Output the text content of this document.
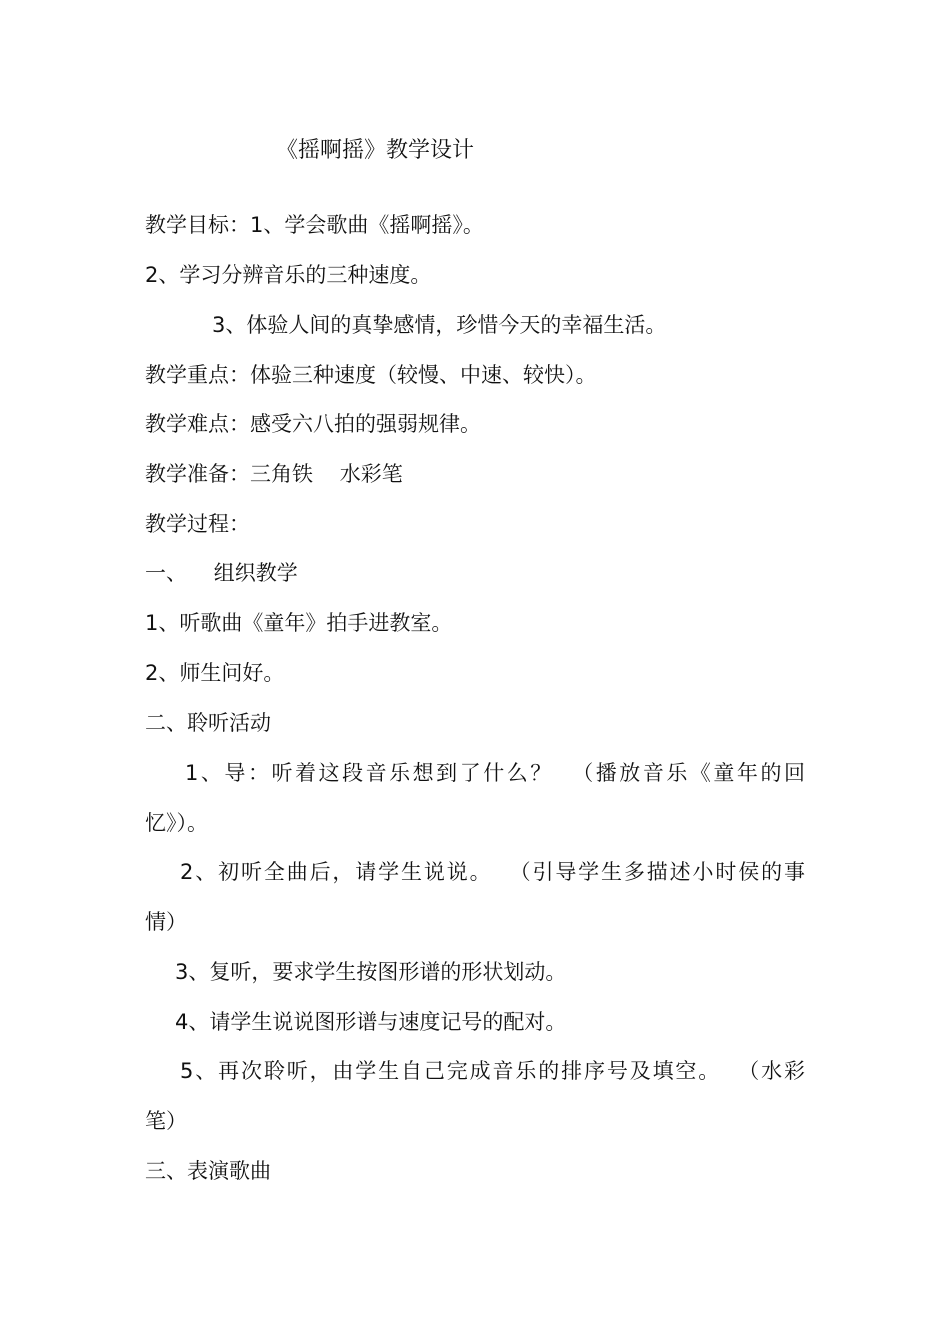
《摇啊摇》教学设计
教学目标：1、学会歌曲《摇啊摇》。
2、学习分辨音乐的三种速度。
3、体验人间的真挚感情，珍惜今天的幸福生活。
教学重点：体验三种速度（较慢、中速、较快）。
教学难点：感受六八拍的强弱规律。
教学准备：三角铁    水彩笔
教学过程：
一、    组织教学
1、听歌曲《童年》拍手进教室。
2、师生问好。
二、聆听活动
1、导：听着这段音乐想到了什么？  （播放音乐《童年的回
忆》）。
2、初听全曲后，请学生说说。  （引导学生多描述小时侯的事
情）
3、复听，要求学生按图形谱的形状划动。
4、请学生说说图形谱与速度记号的配对。
5、再次聆听，由学生自己完成音乐的排序号及填空。  （水彩
笔）
三、表演歌曲
